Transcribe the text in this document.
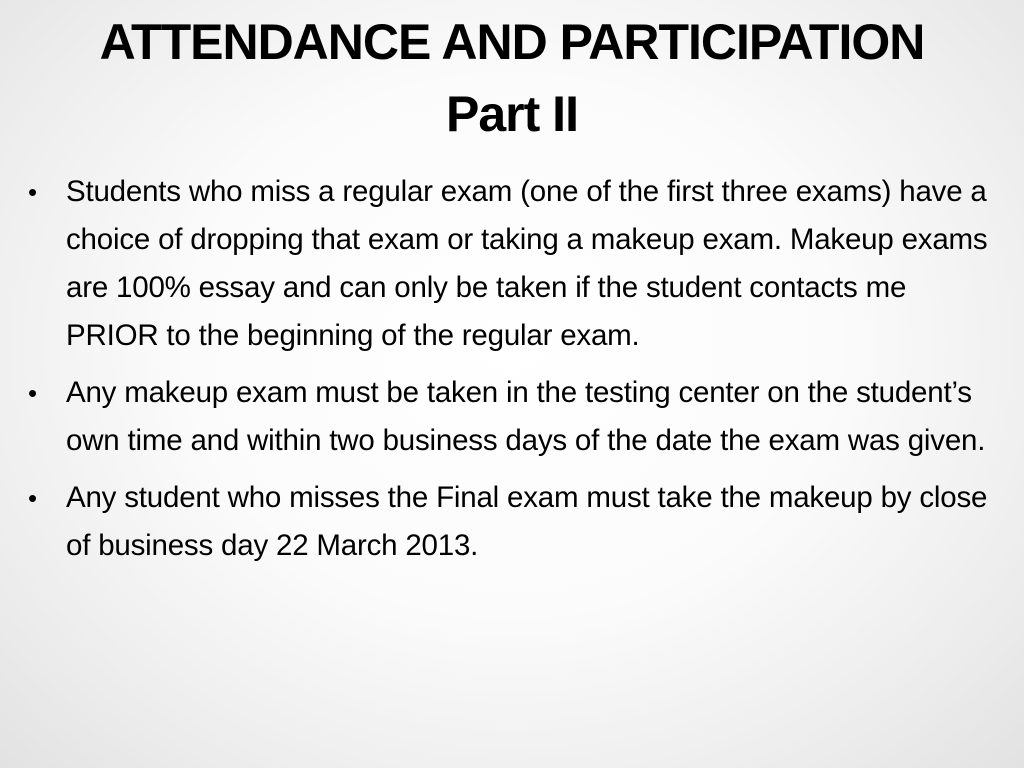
ATTENDANCE AND PARTICIPATION
Part II
• Students who miss a regular exam (one of the first three exams) have a choice of dropping that exam or taking a makeup exam. Makeup exams are 100% essay and can only be taken if the student contacts me PRIOR to the beginning of the regular exam.
• Any makeup exam must be taken in the testing center on the student’s own time and within two business days of the date the exam was given.
• Any student who misses the Final exam must take the makeup by close of business day 22 March 2013.
